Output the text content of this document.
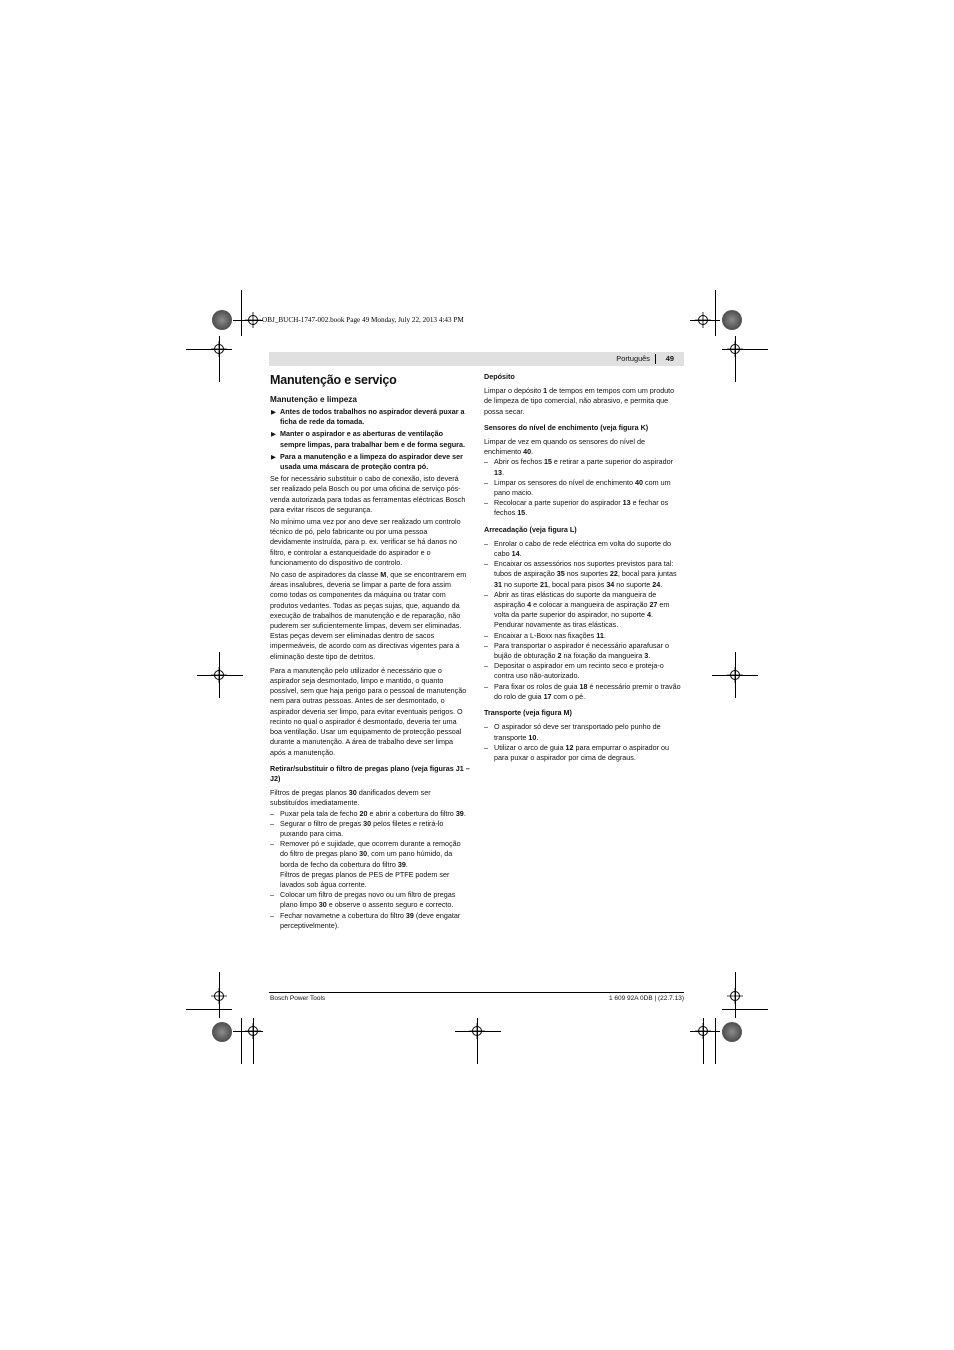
OBJ_BUCH-1747-002.book Page 49 Monday, July 22, 2013 4:43 PM
Português 49
Manutenção e serviço
Manutenção e limpeza
▶ Antes de todos trabalhos no aspirador deverá puxar a ficha de rede da tomada.
▶ Manter o aspirador e as aberturas de ventilação sempre limpas, para trabalhar bem e de forma segura.
▶ Para a manutenção e a limpeza do aspirador deve ser usada uma máscara de proteção contra pó.

Se for necessário substituir o cabo de conexão, isto deverá ser realizado pela Bosch ou por uma oficina de serviço pós-venda autorizada para todas as ferramentas eléctricas Bosch para evitar riscos de segurança.

No mínimo uma vez por ano deve ser realizado um controlo técnico de pó, pelo fabricante ou por uma pessoa devidamente instruída, para p. ex. verificar se há danos no filtro, e controlar a estanqueidade do aspirador e o funcionamento do dispositivo de controlo.

No caso de aspiradores da classe M, que se encontrarem em áreas insalubres, deveria se limpar a parte de fora assim como todas os componentes da máquina ou tratar com produtos vedantes. Todas as peças sujas, que, aquando da execução de trabalhos de manutenção e de reparação, não puderem ser suficientemente limpas, devem ser eliminadas. Estas peças devem ser eliminadas dentro de sacos impermeáveis, de acordo com as directivas vigentes para a eliminação deste tipo de detritos.

Para a manutenção pelo utilizador é necessário que o aspirador seja desmontado, limpo e mantido, o quanto possível, sem que haja perigo para o pessoal de manutenção nem para outras pessoas. Antes de ser desmontado, o aspirador deveria ser limpo, para evitar eventuais perigos. O recinto no qual o aspirador é desmontado, deveria ter uma boa ventilação. Usar um equipamento de protecção pessoal durante a manutenção. A área de trabalho deve ser limpa após a manutenção.

Retirar/substituir o filtro de pregas plano (veja figuras J1 – J2)

Filtros de pregas planos 30 danificados devem ser substituídos imediatamente.

– Puxar pela tala de fecho 20 e abrir a cobertura do filtro 39.
– Segurar o filtro de pregas 30 pelos filetes e retirá-lo puxando para cima.
– Remover pó e sujidade, que ocorrem durante a remoção do filtro de pregas plano 30, com um pano húmido, da borda de fecho da cobertura do filtro 39.
Filtros de pregas planos de PES de PTFE podem ser lavados sob água corrente.
– Colocar um filtro de pregas novo ou um filtro de pregas plano limpo 30 e observe o assento seguro e correcto.
– Fechar novametne a cobertura do filtro 39 (deve engatar perceptivelmente).
Depósito

Limpar o depósito 1 de tempos em tempos com um produto de limpeza de tipo comercial, não abrasivo, e permita que possa secar.

Sensores do nível de enchimento (veja figura K)

Limpar de vez em quando os sensores do nível de enchimento 40.

– Abrir os fechos 15 e retirar a parte superior do aspirador 13.
– Limpar os sensores do nível de enchimento 40 com um pano macio.
– Recolocar a parte superior do aspirador 13 e fechar os fechos 15.
Arrecadação (veja figura L)
– Enrolar o cabo de rede eléctrica em volta do suporte do cabo 14.
– Encaixar os assessórios nos suportes previstos para tal: tubos de aspiração 35 nos suportes 22, bocal para juntas 31 no suporte 21, bocal para pisos 34 no suporte 24.
– Abrir as tiras elásticas do suporte da mangueira de aspiração 4 e colocar a mangueira de aspiração 27 em volta da parte superior do aspirador, no suporte 4.
Pendurar novamente as tiras elásticas.
– Encaixar a L-Boxx nas fixações 11.
– Para transportar o aspirador é necessário aparafusar o bujão de obturação 2 na fixação da mangueira 3.
– Depositar o aspirador em um recinto seco e proteja-o contra uso não-autorizado.
– Para fixar os rolos de guia 18 é necessário premir o travão do rolo de guia 17 com o pé.
Transporte (veja figura M)
– O aspirador só deve ser transportado pelo punho de transporte 10.
– Utilizar o arco de guia 12 para empurrar o aspirador ou para puxar o aspirador por cima de degraus.
Bosch Power Tools	1 609 92A 0DB | (22.7.13)
